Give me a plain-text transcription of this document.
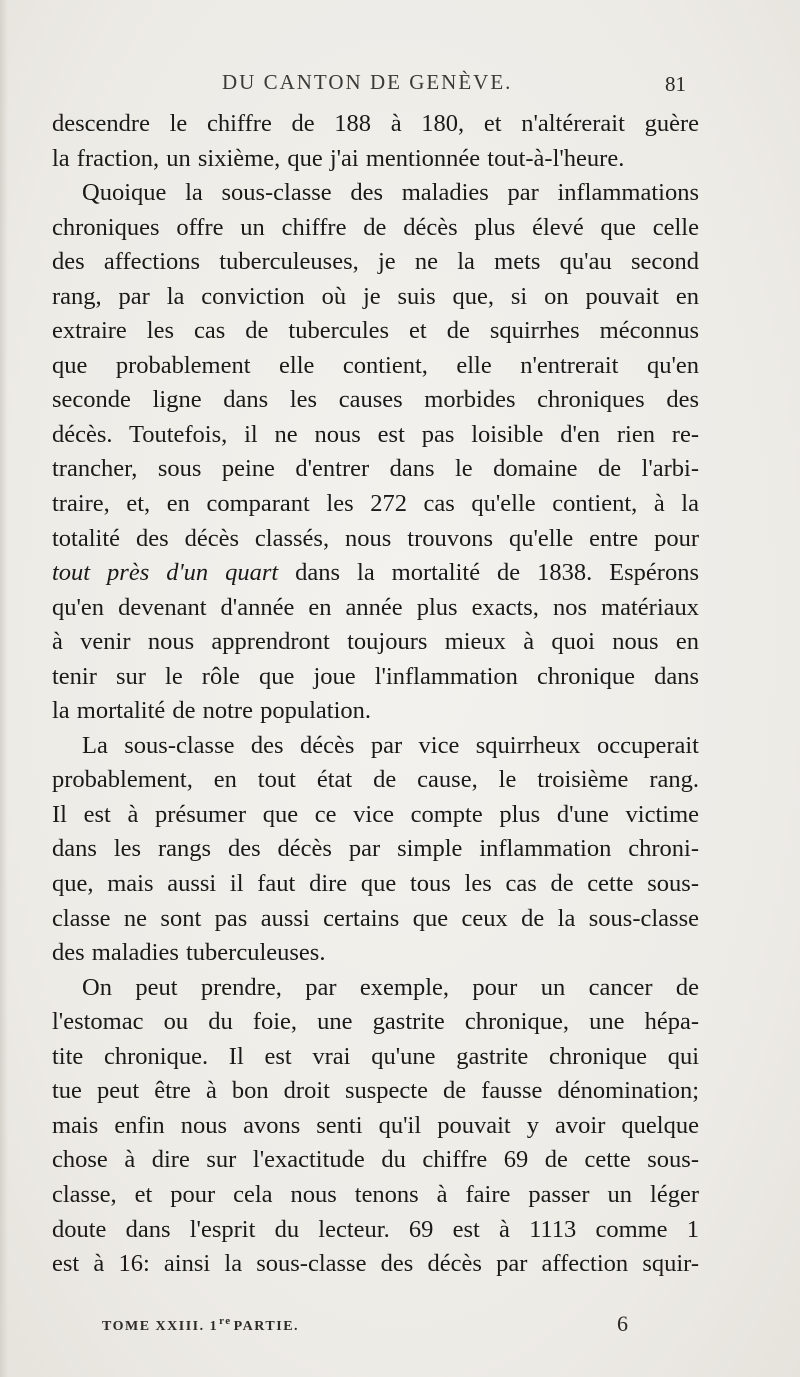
DU CANTON DE GENÈVE.	81
descendre le chiffre de 188 à 180, et n'altérerait guère
la fraction, un sixième, que j'ai mentionnée tout-à-l'heure.
Quoique la sous-classe des maladies par inflammations
chroniques offre un chiffre de décès plus élevé que celle
des affections tuberculeuses, je ne la mets qu'au second
rang, par la conviction où je suis que, si on pouvait en
extraire les cas de tubercules et de squirrhes méconnus
que probablement elle contient, elle n'entrerait qu'en
seconde ligne dans les causes morbides chroniques des
décès. Toutefois, il ne nous est pas loisible d'en rien re-
trancher, sous peine d'entrer dans le domaine de l'arbi-
traire, et, en comparant les 272 cas qu'elle contient, à la
totalité des décès classés, nous trouvons qu'elle entre pour
tout près d'un quart dans la mortalité de 1838. Espérons
qu'en devenant d'année en année plus exacts, nos matériaux
à venir nous apprendront toujours mieux à quoi nous en
tenir sur le rôle que joue l'inflammation chronique dans
la mortalité de notre population.
La sous-classe des décès par vice squirrheux occuperait
probablement, en tout état de cause, le troisième rang.
Il est à présumer que ce vice compte plus d'une victime
dans les rangs des décès par simple inflammation chroni-
que, mais aussi il faut dire que tous les cas de cette sous-
classe ne sont pas aussi certains que ceux de la sous-classe
des maladies tuberculeuses.
On peut prendre, par exemple, pour un cancer de
l'estomac ou du foie, une gastrite chronique, une hépa-
tite chronique. Il est vrai qu'une gastrite chronique qui
tue peut être à bon droit suspecte de fausse dénomination;
mais enfin nous avons senti qu'il pouvait y avoir quelque
chose à dire sur l'exactitude du chiffre 69 de cette sous-
classe, et pour cela nous tenons à faire passer un léger
doute dans l'esprit du lecteur. 69 est à 1113 comme 1
est à 16: ainsi la sous-classe des décès par affection squir-
TOME XXIII. 1re PARTIE.	6
